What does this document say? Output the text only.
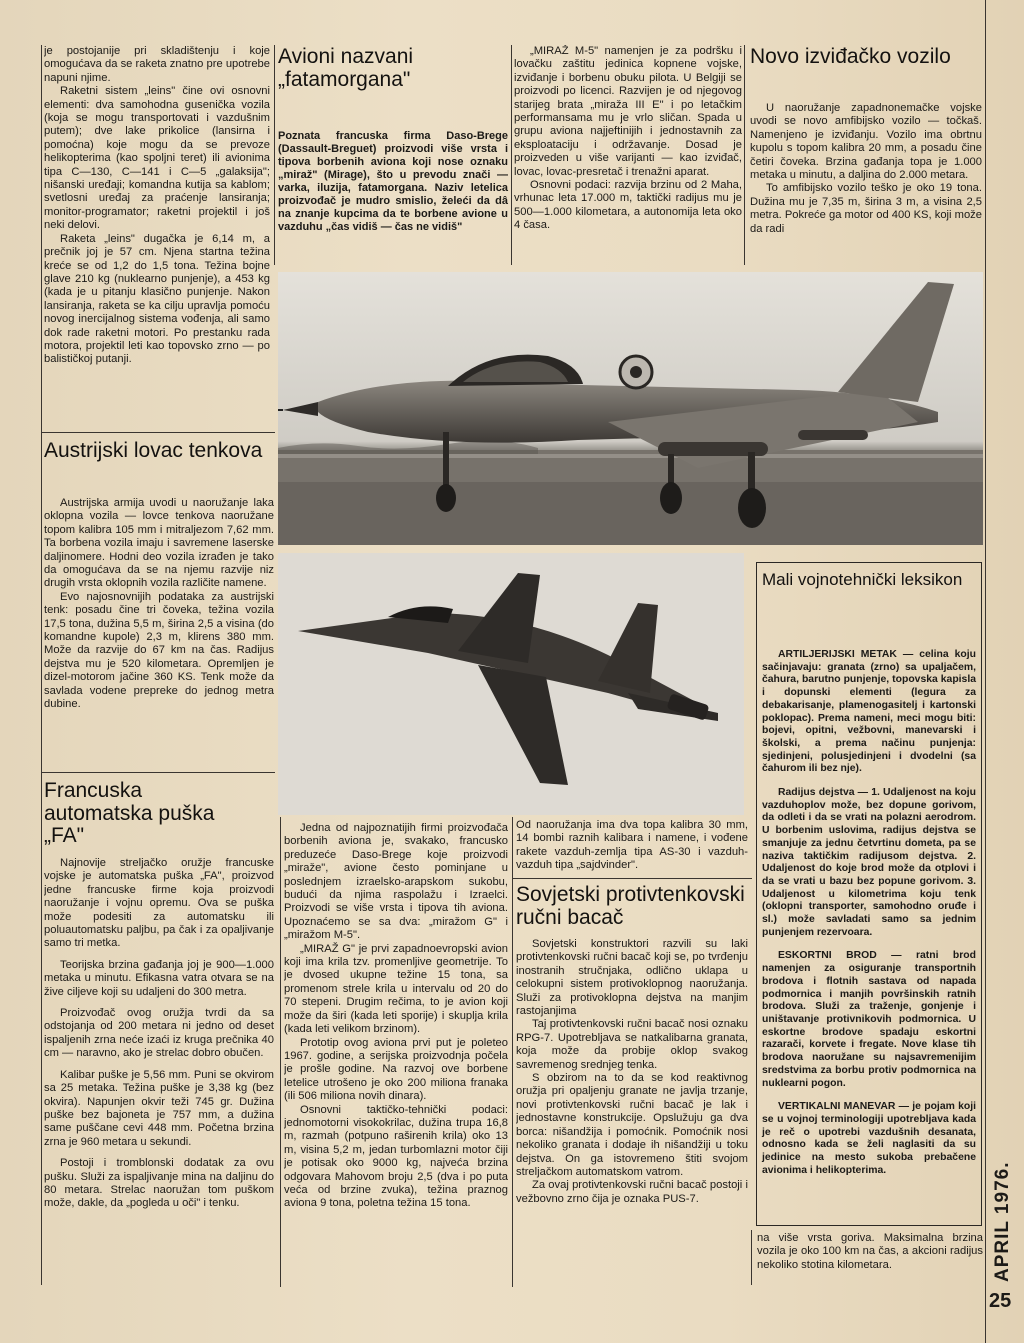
je postojanije pri skladištenju i koje omogućava da se raketa znatno pre upotrebe napuni njime.

Raketni sistem „leins" čine ovi osnovni elementi: dva samohodna gusenička vozila (koja se mogu transportovati i vazdušnim putem); dve lake prikolice (lansirna i pomoćna) koje mogu da se prevoze helikopterima (kao spoljni teret) ili avionima tipa C—130, C—141 i C—5 „galaksija"; nišanski uređaji; komandna kutija sa kablom; svetlosni uređaj za praćenje lansiranja; monitor-programator; raketni projektil i još neki delovi.

Raketa „leins" dugačka je 6,14 m, a prečnik joj je 57 cm. Njena startna težina kreće se od 1,2 do 1,5 tona. Težina bojne glave 210 kg (nuklearno punjenje), a 453 kg (kada je u pitanju klasično punjenje. Nakon lansiranja, raketa se ka cilju upravlja pomoću novog inercijalnog sistema vođenja, ali samo dok rade raketni motori. Po prestanku rada motora, projektil leti kao topovsko zrno — po balističkoj putanji.

Austrijski lovac tenkova

Austrijska armija uvodi u naoružanje laka oklopna vozila — lovce tenkova naoružane topom kalibra 105 mm i mitraljezom 7,62 mm. Ta borbena vozila imaju i savremene laserske daljinomere. Hodni deo vozila izrađen je tako da omogućava da se na njemu razvije niz drugih vrsta oklopnih vozila različite namene.

Evo najosnovnijih podataka za austrijski tenk: posadu čine tri čoveka, težina vozila 17,5 tona, dužina 5,5 m, širina 2,5 a visina (do komandne kupole) 2,3 m, klirens 380 mm. Može da razvije do 67 km na čas. Radijus dejstva mu je 520 kilometara. Opremljen je dizel-motorom jačine 360 KS. Tenk može da savlada vodene prepreke do jednog metra dubine.

Francuska automatska puška „FA"

Najnovije streljačko oružje francuske vojske je automatska puška „FA", proizvod jedne francuske firme koja proizvodi naoružanje i vojnu opremu. Ova se puška može podesiti za automatsku ili poluautomatsku paljbu, pa čak i za opaljivanje samo tri metka.

Teorijska brzina gađanja joj je 900—1.000 metaka u minutu. Efikasna vatra otvara se na žive ciljeve koji su udaljeni do 300 metra.

Proizvođač ovog oružja tvrdi da sa odstojanja od 200 metara ni jedno od deset ispaljenih zrna neće izaći iz kruga prečnika 40 cm — naravno, ako je strelac dobro obučen.

Kalibar puške je 5,56 mm. Puni se okvirom sa 25 metaka. Težina puške je 3,38 kg (bez okvira). Napunjen okvir teži 745 gr. Dužina puške bez bajoneta je 757 mm, a dužina same puščane cevi 448 mm. Početna brzina zrna je 960 metara u sekundi.

Postoji i tromblonski dodatak za ovu pušku. Služi za ispaljivanje mina na daljinu do 80 metara. Strelac naoružan tom puškom može, dakle, da „pogleda u oči" i tenku.

Avioni nazvani „fatamorgana"
Poznata francuska firma Daso-Brege (Dassault-Breguet) proizvodi više vrsta i tipova borbenih aviona koji nose oznaku „miraž" (Mirage), što u prevodu znači — varka, iluzija, fatamorgana. Naziv letelica proizvođač je mudro smislio, želeći da dâ na znanje kupcima da te borbene avione u vazduhu „čas vidiš — čas ne vidiš"

„MIRAŽ M-5" namenjen je za podršku i lovačku zaštitu jedinica kopnene vojske, izviđanje i borbenu obuku pilota. U Belgiji se proizvodi po licenci. Razvijen je od njegovog starijeg brata „miraža III E" i po letačkim performansama mu je vrlo sličan. Spada u grupu aviona najjeftinijih i jednostavnih za eksploataciju i održavanje. Dosad je proizveden u više varijanti — kao izviđač, lovac, lovac-presretač i trenažni aparat.

Osnovni podaci: razvija brzinu od 2 Maha, vrhunac leta 17.000 m, taktički radijus mu je 500—1.000 kilometara, a autonomija leta oko 4 časa.

Novo izviđačko vozilo

U naoružanje zapadnonemačke vojske uvodi se novo amfibijsko vozilo — točkaš. Namenjeno je izviđanju. Vozilo ima obrtnu kupolu s topom kalibra 20 mm, a posadu čine četiri čoveka. Brzina gađanja topa je 1.000 metaka u minutu, a daljina do 2.000 metara.

To amfibijsko vozilo teško je oko 19 tona. Dužina mu je 7,35 m, širina 3 m, a visina 2,5 metra. Pokreće ga motor od 400 KS, koji može da radi

Jedna od najpoznatijih firmi proizvođača borbenih aviona je, svakako, francusko preduzeće Daso-Brege koje proizvodi „miraže", avione često pominjane u poslednjem izraelsko-arapskom sukobu, budući da njima raspolažu i Izraelci. Proizvodi se više vrsta i tipova tih aviona. Upoznaćemo se sa dva: „miražom G" i „miražom M-5".

„MIRAŽ G" je prvi zapadnoevropski avion koji ima krila tzv. promenljive geometrije. To je dvosed ukupne težine 15 tona, sa promenom strele krila u intervalu od 20 do 70 stepeni. Drugim rečima, to je avion koji može da širi (kada leti sporije) i skuplja krila (kada leti velikom brzinom).

Prototip ovog aviona prvi put je poleteo 1967. godine, a serijska proizvodnja počela je prošle godine. Na razvoj ove borbene letelice utrošeno je oko 200 miliona franaka (ili 506 miliona novih dinara).

Osnovni taktičko-tehnički podaci: jednomotorni visokokrilac, dužina trupa 16,8 m, razmah (potpuno raširenih krila) oko 13 m, visina 5,2 m, jedan turbomlazni motor čiji je potisak oko 9000 kg, najveća brzina odgovara Mahovom broju 2,5 (dva i po puta veća od brzine zvuka), težina praznog aviona 9 tona, poletna težina 15 tona.

Od naoružanja ima dva topa kalibra 30 mm, 14 bombi raznih kalibara i namene, i vođene rakete vazduh-zemlja tipa AS-30 i vazduh-vazduh tipa „sajdvinder".

Sovjetski protivtenkovski ručni bacač

Sovjetski konstruktori razvili su laki protivtenkovski ručni bacač koji se, po tvrđenju inostranih stručnjaka, odlično uklapa u celokupni sistem protivoklopnog naoružanja. Služi za protivoklopna dejstva na manjim rastojanjima

Taj protivtenkovski ručni bacač nosi oznaku RPG-7. Upotrebljava se natkalibarna granata, koja može da probije oklop svakog savremenog srednjeg tenka.

S obzirom na to da se kod reaktivnog oružja pri opaljenju granate ne javlja trzanje, novi protivtenkovski ručni bacač je lak i jednostavne konstrukcije. Opslužuju ga dva borca: nišandžija i pomoćnik. Pomoćnik nosi nekoliko granata i dodaje ih nišandžiji u toku dejstva. On ga istovremeno štiti svojom streljačkom automatskom vatrom.

Za ovaj protivtenkovski ručni bacač postoji i vežbovno zrno čija je oznaka PUS-7.

Mali vojnotehnički leksikon

ARTILJERIJSKI METAK — celina koju sačinjavaju: granata (zrno) sa upaljačem, čahura, barutno punjenje, topovska kapisla i dopunski elementi (legura za debakarisanje, plamenogasitelj i kartonski poklopac). Prema nameni, meci mogu biti: bojevi, opitni, vežbovni, manevarski i školski, a prema načinu punjenja: sjedinjeni, polusjedinjeni i dvodelni (sa čahurom ili bez nje).

Radijus dejstva — 1. Udaljenost na koju vazduhoplov može, bez dopune gorivom, da odleti i da se vrati na polazni aerodrom. U borbenim uslovima, radijus dejstva se smanjuje za jednu četvrtinu dometa, pa se naziva taktičkim radijusom dejstva. 2. Udaljenost do koje brod može da otplovi i da se vrati u bazu bez popune gorivom. 3. Udaljenost u kilometrima koju tenk (oklopni transporter, samohodno oruđe i sl.) može savladati samo sa jednim punjenjem rezervoara.

ESKORTNI BROD — ratni brod namenjen za osiguranje transportnih brodova i flotnih sastava od napada podmornica i manjih površinskih ratnih brodova. Služi za traženje, gonjenje i uništavanje protivnikovih podmornica. U eskortne brodove spadaju eskortni razarači, korvete i fregate. Nove klase tih brodova naoružane su najsavremenijim sredstvima za borbu protiv podmornica na nuklearni pogon.

VERTIKALNI MANEVAR — je pojam koji se u vojnoj terminologiji upotrebljava kada je reč o upotrebi vazdušnih desanata, odnosno kada se želi naglasiti da su jedinice na mesto sukoba prebačene avionima i helikopterima.

na više vrsta goriva. Maksimalna brzina vozila je oko 100 km na čas, a akcioni radijus nekoliko stotina kilometara.	APRIL 1976.
25
